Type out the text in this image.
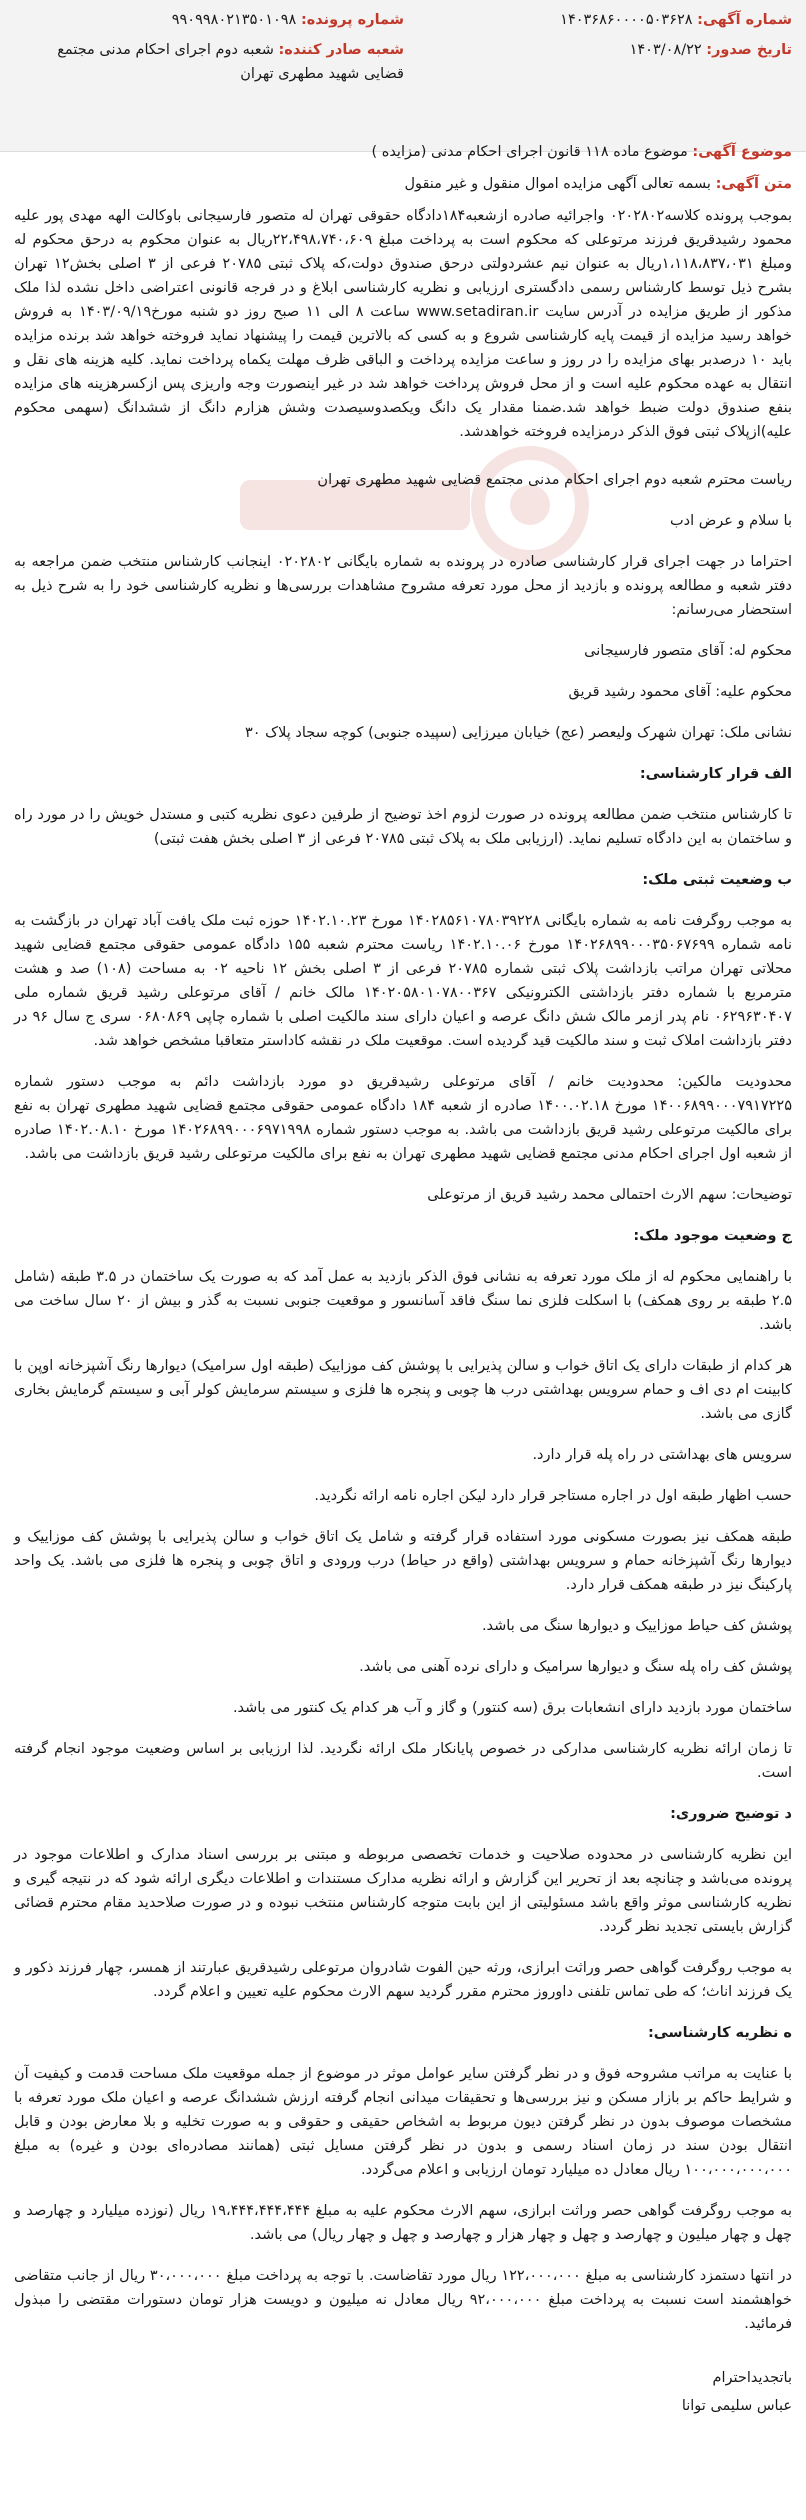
شماره آگهی: ۱۴۰۳۶۸۶۰۰۰۰۵۰۳۶۲۸
شماره پرونده: ۹۹۰۹۹۸۰۲۱۳۵۰۱۰۹۸
تاریخ صدور: ۱۴۰۳/۰۸/۲۲
شعبه صادر کننده: شعبه دوم اجرای احکام مدنی مجتمع قضایی شهید مطهری تهران

موضوع آگهی: موضوع ماده ۱۱۸ قانون اجرای احکام مدنی (مزایده )

متن آگهی: بسمه تعالی آگهی مزایده اموال منقول و غیر منقول

بموجب پرونده کلاسه۰۲۰۲۸۰۲ واجرائیه صادره ازشعبه۱۸۴دادگاه حقوقی تهران له متصور فارسیجانی باوکالت الهه مهدی پور علیه محمود رشیدقریق فرزند مرتوعلی که محکوم است به پرداخت مبلغ ۲۲،۴۹۸،۷۴۰،۶۰۹ریال به عنوان محکوم به درحق محکوم له ومبلغ ۱،۱۱۸،۸۳۷،۰۳۱ریال به عنوان نیم عشردولتی درحق صندوق دولت،که پلاک ثبتی ۲۰۷۸۵ فرعی از ۳ اصلی بخش۱۲ تهران بشرح ذیل توسط کارشناس رسمی دادگستری ارزیابی و نظریه کارشناسی ابلاغ و در فرجه قانونی اعتراضی داخل نشده لذا ملک مذکور از طریق مزایده در آدرس سایت www.setadiran.ir ساعت ۸ الی ۱۱ صبح روز دو شنبه مورخ۱۴۰۳/۰۹/۱۹ به فروش خواهد رسید مزایده از قیمت پایه کارشناسی شروع و به کسی که بالاترین قیمت را پیشنهاد نماید فروخته خواهد شد برنده مزایده باید ۱۰ درصدبر بهای مزایده را در روز و ساعت مزایده پرداخت و الباقی ظرف مهلت یکماه پرداخت نماید. کلیه هزینه های نقل و انتقال به عهده محکوم علیه است و از محل فروش پرداخت خواهد شد در غیر اینصورت وجه واریزی پس ازکسرهزینه های مزایده بنفع صندوق دولت ضبط خواهد شد.ضمنا مقدار یک دانگ ویکصدوسیصدت وشش هزارم دانگ از ششدانگ (سهمی محکوم علیه)ازپلاک ثبتی فوق الذکر درمزایده فروخته خواهدشد.

ریاست محترم شعبه دوم اجرای احکام مدنی مجتمع قضایی شهید مطهری تهران

با سلام و عرض ادب

احتراما در جهت اجرای قرار کارشناسی صادره در پرونده به شماره بایگانی ۰۲۰۲۸۰۲ اینجانب کارشناس منتخب ضمن مراجعه به دفتر شعبه و مطالعه پرونده و بازدید از محل مورد تعرفه مشروح مشاهدات بررسی‌ها و نظریه کارشناسی خود را به شرح ذیل به استحضار می‌رسانم:

محکوم له: آقای متصور فارسیجانی

محکوم علیه: آقای محمود رشید قریق

نشانی ملک: تهران شهرک ولیعصر (عج) خیابان میرزایی (سپیده جنوبی) کوچه سجاد پلاک ۳۰

الف قرار کارشناسی:

تا کارشناس منتخب ضمن مطالعه پرونده در صورت لزوم اخذ توضیح از طرفین دعوی نظریه کتبی و مستدل خویش را در مورد راه و ساختمان به این دادگاه تسلیم نماید. (ارزیابی ملک به پلاک ثبتی ۲۰۷۸۵ فرعی از ۳ اصلی بخش هفت ثبتی)

ب وضعیت ثبتی ملک:

به موجب روگرفت نامه به شماره بایگانی ۱۴۰۲۸۵۶۱۰۷۸۰۳۹۲۲۸ مورخ ۱۴۰۲.۱۰.۲۳ حوزه ثبت ملک یافت آباد تهران در بازگشت به نامه شماره ۱۴۰۲۶۸۹۹۰۰۰۳۵۰۶۷۶۹۹ مورخ ۱۴۰۲.۱۰.۰۶ ریاست محترم شعبه ۱۵۵ دادگاه عمومی حقوقی مجتمع قضایی شهید محلاتی تهران مراتب بازداشت پلاک ثبتی شماره ۲۰۷۸۵ فرعی از ۳ اصلی بخش ۱۲ ناحیه ۰۲ به مساحت (۱۰۸) صد و هشت مترمربع با شماره دفتر بازداشتی الکترونیکی ۱۴۰۲۰۵۸۰۱۰۷۸۰۰۳۶۷ مالک خانم / آقای مرتوعلی رشید قریق شماره ملی ۰۶۲۹۶۳۰۴۰۷ نام پدر ازمر مالک شش دانگ عرصه و اعیان دارای سند مالکیت اصلی با شماره چاپی ۰۶۸۰۸۶۹ سری ج سال ۹۶ در دفتر بازداشت املاک ثبت و سند مالکیت قید گردیده است. موقعیت ملک در نقشه کاداستر متعاقبا مشخص خواهد شد.

محدودیت مالکین: محدودیت خانم / آقای مرتوعلی رشیدقریق دو مورد بازداشت دائم به موجب دستور شماره ۱۴۰۰۶۸۹۹۰۰۰۷۹۱۷۲۲۵ مورخ ۱۴۰۰.۰۲.۱۸ صادره از شعبه ۱۸۴ دادگاه عمومی حقوقی مجتمع قضایی شهید مطهری تهران به نفع برای مالکیت مرتوعلی رشید قریق بازداشت می باشد. به موجب دستور شماره ۱۴۰۲۶۸۹۹۰۰۰۶۹۷۱۹۹۸ مورخ ۱۴۰۲.۰۸.۱۰ صادره از شعبه اول اجرای احکام مدنی مجتمع قضایی شهید مطهری تهران به نفع برای مالکیت مرتوعلی رشید قریق بازداشت می باشد.

توضیحات: سهم الارث احتمالی محمد رشید قریق از مرتوعلی

ج وضعیت موجود ملک:

با راهنمایی محکوم له از ملک مورد تعرفه به نشانی فوق الذکر بازدید به عمل آمد که به صورت یک ساختمان در ۳.۵ طبقه (شامل ۲.۵ طبقه بر روی همکف) با اسکلت فلزی نما سنگ فاقد آسانسور و موقعیت جنوبی نسبت به گذر و بیش از ۲۰ سال ساخت می باشد.

هر کدام از طبقات دارای یک اتاق خواب و سالن پذیرایی با پوشش کف موزاییک (طبقه اول سرامیک) دیوارها رنگ آشپزخانه اوپن با کابینت ام دی اف و حمام سرویس بهداشتی درب ها چوبی و پنجره ها فلزی و سیستم سرمایش کولر آبی و سیستم گرمایش بخاری گازی می باشد.

سرویس های بهداشتی در راه پله قرار دارد.

حسب اظهار طبقه اول در اجاره مستاجر قرار دارد لیکن اجاره نامه ارائه نگردید.

طبقه همکف نیز بصورت مسکونی مورد استفاده قرار گرفته و شامل یک اتاق خواب و سالن پذیرایی با پوشش کف موزاییک و دیوارها رنگ آشپزخانه حمام و سرویس بهداشتی (واقع در حیاط) درب ورودی و اتاق چوبی و پنجره ها فلزی می باشد. یک واحد پارکینگ نیز در طبقه همکف قرار دارد.

پوشش کف حیاط موزاییک و دیوارها سنگ می باشد.

پوشش کف راه پله سنگ و دیوارها سرامیک و دارای نرده آهنی می باشد.

ساختمان مورد بازدید دارای انشعابات برق (سه کنتور) و گاز و آب هر کدام یک کنتور می باشد.

تا زمان ارائه نظریه کارشناسی مدارکی در خصوص پایانکار ملک ارائه نگردید. لذا ارزیابی بر اساس وضعیت موجود انجام گرفته است.

د توضیح ضروری:

این نظریه کارشناسی در محدوده صلاحیت و خدمات تخصصی مربوطه و مبتنی بر بررسی اسناد مدارک و اطلاعات موجود در پرونده می‌باشد و چنانچه بعد از تحریر این گزارش و ارائه نظریه مدارک مستندات و اطلاعات دیگری ارائه شود که در نتیجه گیری و نظریه کارشناسی موثر واقع باشد مسئولیتی از این بابت متوجه کارشناس منتخب نبوده و در صورت صلاحدید مقام محترم قضائی گزارش بایستی تجدید نظر گردد.

به موجب روگرفت گواهی حصر وراثت ابرازی، ورثه حین الفوت شادروان مرتوعلی رشیدقریق عبارتند از همسر، چهار فرزند ذکور و یک فرزند اناث؛ که طی تماس تلفنی داوروز محترم مقرر گردید سهم الارث محکوم علیه تعیین و اعلام گردد.

ه نظریه کارشناسی:

با عنایت به مراتب مشروحه فوق و در نظر گرفتن سایر عوامل موثر در موضوع از جمله موقعیت ملک مساحت قدمت و کیفیت آن و شرایط حاکم بر بازار مسکن و نیز بررسی‌ها و تحقیقات میدانی انجام گرفته ارزش ششدانگ عرصه و اعیان ملک مورد تعرفه با مشخصات موصوف بدون در نظر گرفتن دیون مربوط به اشخاص حقیقی و حقوقی و به صورت تخلیه و بلا معارض بودن و قابل انتقال بودن سند در زمان اسناد رسمی و بدون در نظر گرفتن مسایل ثبتی (همانند مصادره‌ای بودن و غیره) به مبلغ ۱۰۰،۰۰۰،۰۰۰،۰۰۰ ریال معادل ده میلیارد تومان ارزیابی و اعلام می‌گردد.

به موجب روگرفت گواهی حصر وراثت ابرازی، سهم الارث محکوم علیه به مبلغ ۱۹،۴۴۴،۴۴۴،۴۴۴ ریال (نوزده میلیارد و چهارصد و چهل و چهار میلیون و چهارصد و چهل و چهار هزار و چهارصد و چهل و چهار ریال) می باشد.

در انتها دستمزد کارشناسی به مبلغ ۱۲۲،۰۰۰،۰۰۰ ریال مورد تقاضاست. با توجه به پرداخت مبلغ ۳۰،۰۰۰،۰۰۰ ریال از جانب متقاضی خواهشمند است نسبت به پرداخت مبلغ ۹۲،۰۰۰،۰۰۰ ریال معادل نه میلیون و دویست هزار تومان دستورات مقتضی را مبذول فرمائید.

باتجدیداحترام

عباس سلیمی توانا
